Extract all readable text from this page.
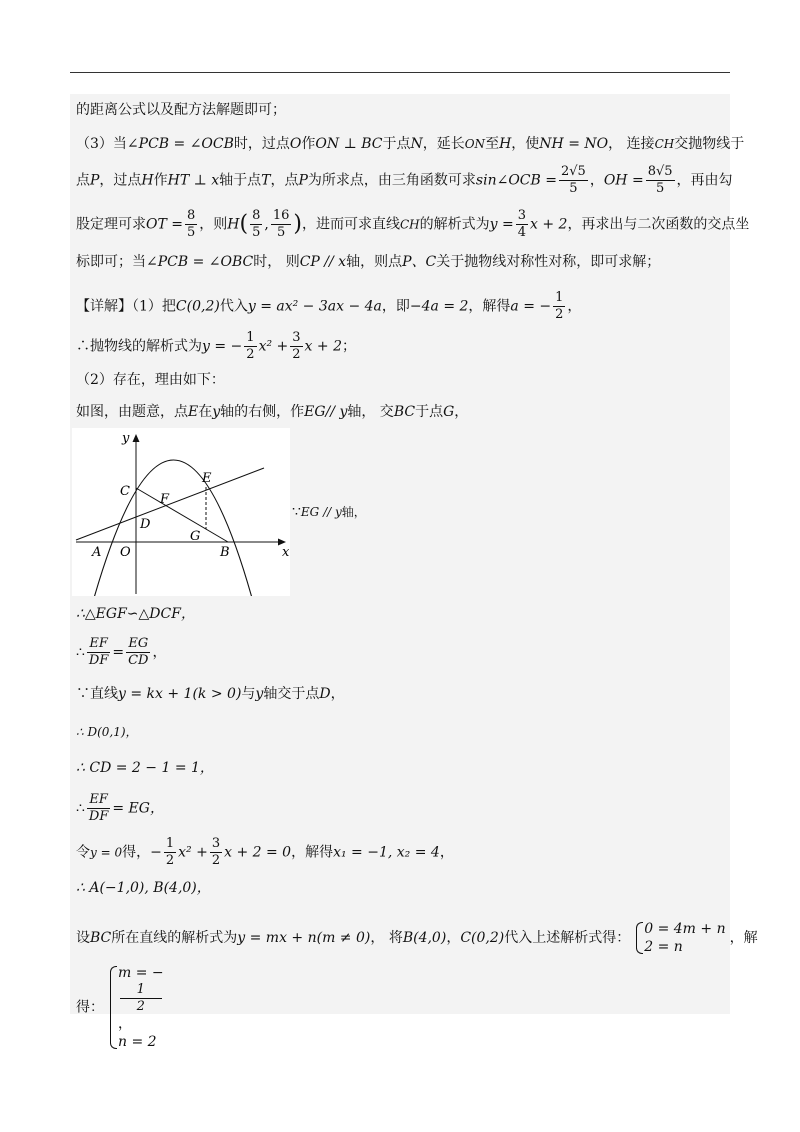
的距离公式以及配方法解题即可；
（3）当∠PCB = ∠OCB时，过点O作ON ⊥ BC于点N，延长ON至H，使NH = NO， 连接CH交抛物线于
点P，过点H作HT ⊥ x轴于点T，点P为所求点，由三角函数可求sin∠OCB = $\frac{2√5}{5}$ ，OH = $\frac{8√5}{5}$ ，再由勾
股定理可求OT = $\frac{8}{5}$ ，则$H( \frac{8}{5}$ , $\frac{16}{5}$ )，进而可求直线CH的解析式为$y = \frac{3}{4}$ x + 2，再求出与二次函数的交点坐
标即可；当∠PCB = ∠OBC时， 则CP // x轴，则点P、C关于抛物线对称性对称，即可求解；
【详解】（1）把C(0,2)代入y = ax² − 3ax − 4a，即−4a = 2，解得a = − $\frac{1}{2}$ ，
∴抛物线的解析式为y = − $\frac{1}{2} x^2 + \frac{3}{2}$ x + 2；
（2）存在，理由如下：
如图，由题意，点E在y轴的右侧，作EG// y轴， 交BC于点G，
y
x
C
E
F
D
G
A O	B
∵EG // y轴，
∴△EGF∽△DCF，
∴ $\frac{EF}{DF} = \frac{EG}{CD}$ ，
∵直线y = kx + 1(k > 0)与y轴交于点D，
∴ D(0,1)，
∴ CD = 2 − 1 = 1，
∴ $\frac{EF}{DF}$ = EG，
令y = 0得，− $\frac{1}{2} x^2 + \frac{3}{2}$ x + 2 = 0，解得x₁ = −1, x₂ = 4，
∴ A(−1,0), B(4,0)，
设BC所在直线的解析式为y = mx + n(m ≠ 0)， 将B(4,0)，C(0,2)代入上述解析式得：
0 = 4m + n
2 = n
，解
得：
m = −
1
2
，
n = 2
